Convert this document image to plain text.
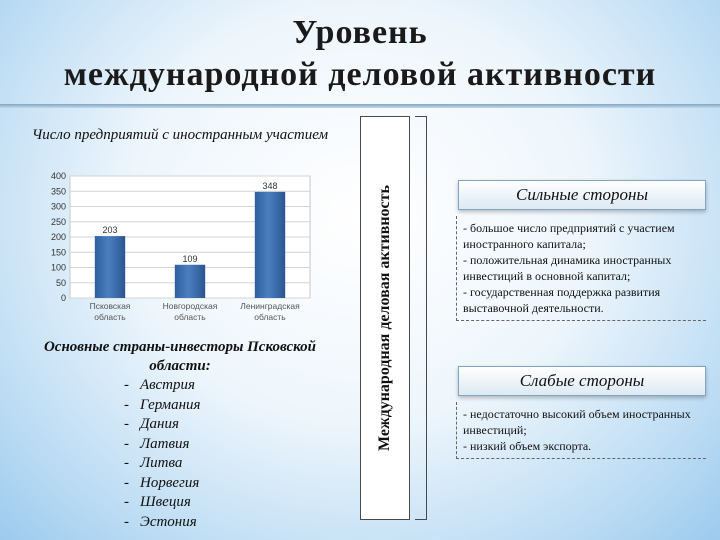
Уровень
международной деловой активности
Число предприятий с иностранным участием
0
50
100
150
200
250
300
350
400
203
Псковская
область
109
Новгородская
область
348
Ленинградская
область
Основные страны-инвесторы Псковской области:
- Австрия
- Германия
- Дания
- Латвия
- Литва
- Норвегия
- Швеция
- Эстония
Международная деловая активность	Сильные стороны
- большое число предприятий с участием иностранного капитала;
- положительная динамика иностранных инвестиций в основной капитал;
- государственная поддержка развития выставочной деятельности.
Слабые стороны
- недостаточно высокий объем иностранных инвестиций;
- низкий объем экспорта.
